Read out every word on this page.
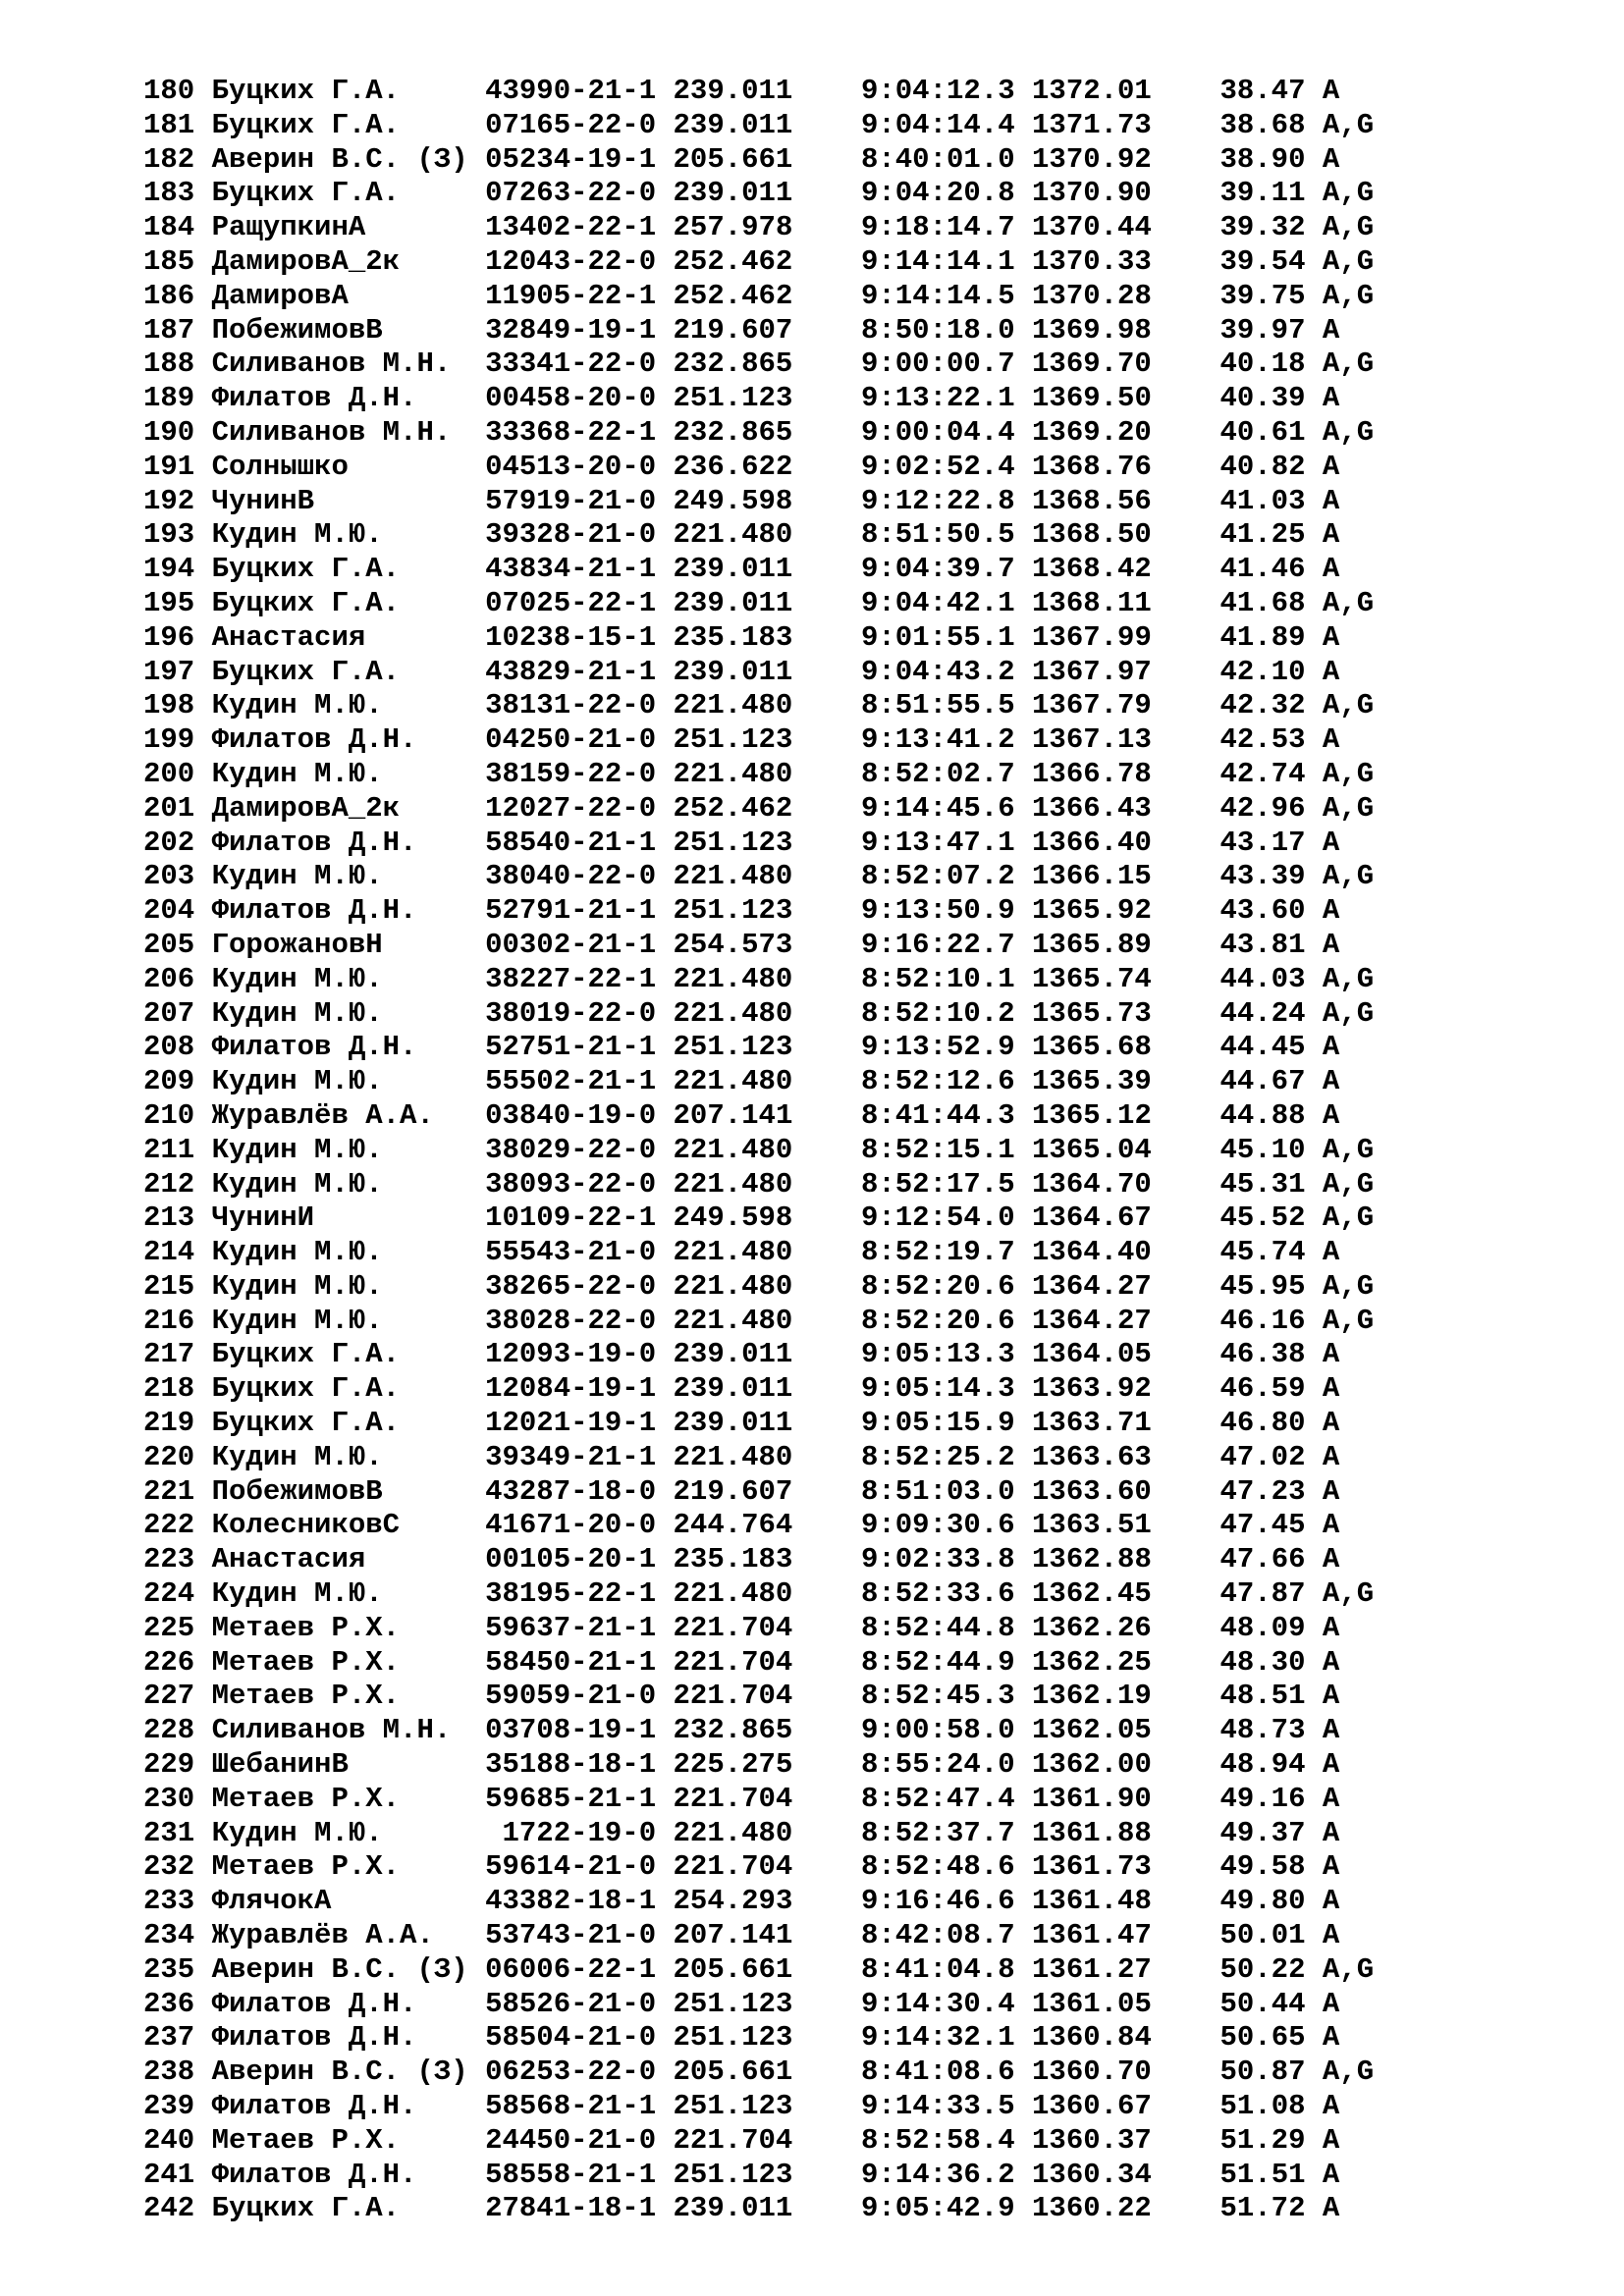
180 Буцких Г.А.	43990-21-1 239.011 9:04:12.3 1372.01 38.47 A
181 Буцких Г.А.	07165-22-0 239.011 9:04:14.4 1371.73 38.68 A,G
182 Аверин В.С. (З) 05234-19-1 205.661 8:40:01.0 1370.92 38.90 A
183 Буцких Г.А.	07263-22-0 239.011 9:04:20.8 1370.90 39.11 A,G
184 РащупкинА	13402-22-1 257.978 9:18:14.7 1370.44 39.32 A,G
185 ДамировА_2к	12043-22-0 252.462 9:14:14.1 1370.33 39.54 A,G
186 ДамировА	11905-22-1 252.462 9:14:14.5 1370.28 39.75 A,G
187 ПобежимовВ	32849-19-1 219.607 8:50:18.0 1369.98 39.97 A
188 Силиванов М.Н. 33341-22-0 232.865 9:00:00.7 1369.70 40.18 A,G
189 Филатов Д.Н. 00458-20-0 251.123 9:13:22.1 1369.50 40.39 A
190 Силиванов М.Н. 33368-22-1 232.865 9:00:04.4 1369.20 40.61 A,G
191 Солнышко	04513-20-0 236.622 9:02:52.4 1368.76 40.82 A
192 ЧунинВ	57919-21-0 249.598 9:12:22.8 1368.56 41.03 A
193 Кудин М.Ю.	39328-21-0 221.480 8:51:50.5 1368.50 41.25 A
194 Буцких Г.А.	43834-21-1 239.011 9:04:39.7 1368.42 41.46 A
195 Буцких Г.А.	07025-22-1 239.011 9:04:42.1 1368.11 41.68 A,G
196 Анастасия	10238-15-1 235.183 9:01:55.1 1367.99 41.89 A
197 Буцких Г.А.	43829-21-1 239.011 9:04:43.2 1367.97 42.10 A
198 Кудин М.Ю.	38131-22-0 221.480 8:51:55.5 1367.79 42.32 A,G
199 Филатов Д.Н. 04250-21-0 251.123 9:13:41.2 1367.13 42.53 A
200 Кудин М.Ю.	38159-22-0 221.480 8:52:02.7 1366.78 42.74 A,G
201 ДамировА_2к	12027-22-0 252.462 9:14:45.6 1366.43 42.96 A,G
202 Филатов Д.Н. 58540-21-1 251.123 9:13:47.1 1366.40 43.17 A
203 Кудин М.Ю.	38040-22-0 221.480 8:52:07.2 1366.15 43.39 A,G
204 Филатов Д.Н. 52791-21-1 251.123 9:13:50.9 1365.92 43.60 A
205 ГорожановН	00302-21-1 254.573 9:16:22.7 1365.89 43.81 A
206 Кудин М.Ю.	38227-22-1 221.480 8:52:10.1 1365.74 44.03 A,G
207 Кудин М.Ю.	38019-22-0 221.480 8:52:10.2 1365.73 44.24 A,G
208 Филатов Д.Н. 52751-21-1 251.123 9:13:52.9 1365.68 44.45 A
209 Кудин М.Ю.	55502-21-1 221.480 8:52:12.6 1365.39 44.67 A
210 Журавлёв А.А. 03840-19-0 207.141 8:41:44.3 1365.12 44.88 A
211 Кудин М.Ю.	38029-22-0 221.480 8:52:15.1 1365.04 45.10 A,G
212 Кудин М.Ю.	38093-22-0 221.480 8:52:17.5 1364.70 45.31 A,G
213 ЧунинИ	10109-22-1 249.598 9:12:54.0 1364.67 45.52 A,G
214 Кудин М.Ю.	55543-21-0 221.480 8:52:19.7 1364.40 45.74 A
215 Кудин М.Ю.	38265-22-0 221.480 8:52:20.6 1364.27 45.95 A,G
216 Кудин М.Ю.	38028-22-0 221.480 8:52:20.6 1364.27 46.16 A,G
217 Буцких Г.А.	12093-19-0 239.011 9:05:13.3 1364.05 46.38 A
218 Буцких Г.А.	12084-19-1 239.011 9:05:14.3 1363.92 46.59 A
219 Буцких Г.А.	12021-19-1 239.011 9:05:15.9 1363.71 46.80 A
220 Кудин М.Ю.	39349-21-1 221.480 8:52:25.2 1363.63 47.02 A
221 ПобежимовВ	43287-18-0 219.607 8:51:03.0 1363.60 47.23 A
222 КолесниковС	41671-20-0 244.764 9:09:30.6 1363.51 47.45 A
223 Анастасия	00105-20-1 235.183 9:02:33.8 1362.88 47.66 A
224 Кудин М.Ю.	38195-22-1 221.480 8:52:33.6 1362.45 47.87 A,G
225 Метаев Р.Х.	59637-21-1 221.704 8:52:44.8 1362.26 48.09 A
226 Метаев Р.Х.	58450-21-1 221.704 8:52:44.9 1362.25 48.30 A
227 Метаев Р.Х.	59059-21-0 221.704 8:52:45.3 1362.19 48.51 A
228 Силиванов М.Н. 03708-19-1 232.865 9:00:58.0 1362.05 48.73 A
229 ШебанинВ	35188-18-1 225.275 8:55:24.0 1362.00 48.94 A
230 Метаев Р.Х.	59685-21-1 221.704 8:52:47.4 1361.90 49.16 A
231 Кудин М.Ю.	1722-19-0 221.480 8:52:37.7 1361.88 49.37 A
232 Метаев Р.Х.	59614-21-0 221.704 8:52:48.6 1361.73 49.58 A
233 ФлячокА	43382-18-1 254.293 9:16:46.6 1361.48 49.80 A
234 Журавлёв А.А. 53743-21-0 207.141 8:42:08.7 1361.47 50.01 A
235 Аверин В.С. (З) 06006-22-1 205.661 8:41:04.8 1361.27 50.22 A,G
236 Филатов Д.Н. 58526-21-0 251.123 9:14:30.4 1361.05 50.44 A
237 Филатов Д.Н. 58504-21-0 251.123 9:14:32.1 1360.84 50.65 A
238 Аверин В.С. (З) 06253-22-0 205.661 8:41:08.6 1360.70 50.87 A,G
239 Филатов Д.Н. 58568-21-1 251.123 9:14:33.5 1360.67 51.08 A
240 Метаев Р.Х.	24450-21-0 221.704 8:52:58.4 1360.37 51.29 A
241 Филатов Д.Н. 58558-21-1 251.123 9:14:36.2 1360.34 51.51 A
242 Буцких Г.А.	27841-18-1 239.011 9:05:42.9 1360.22 51.72 A
